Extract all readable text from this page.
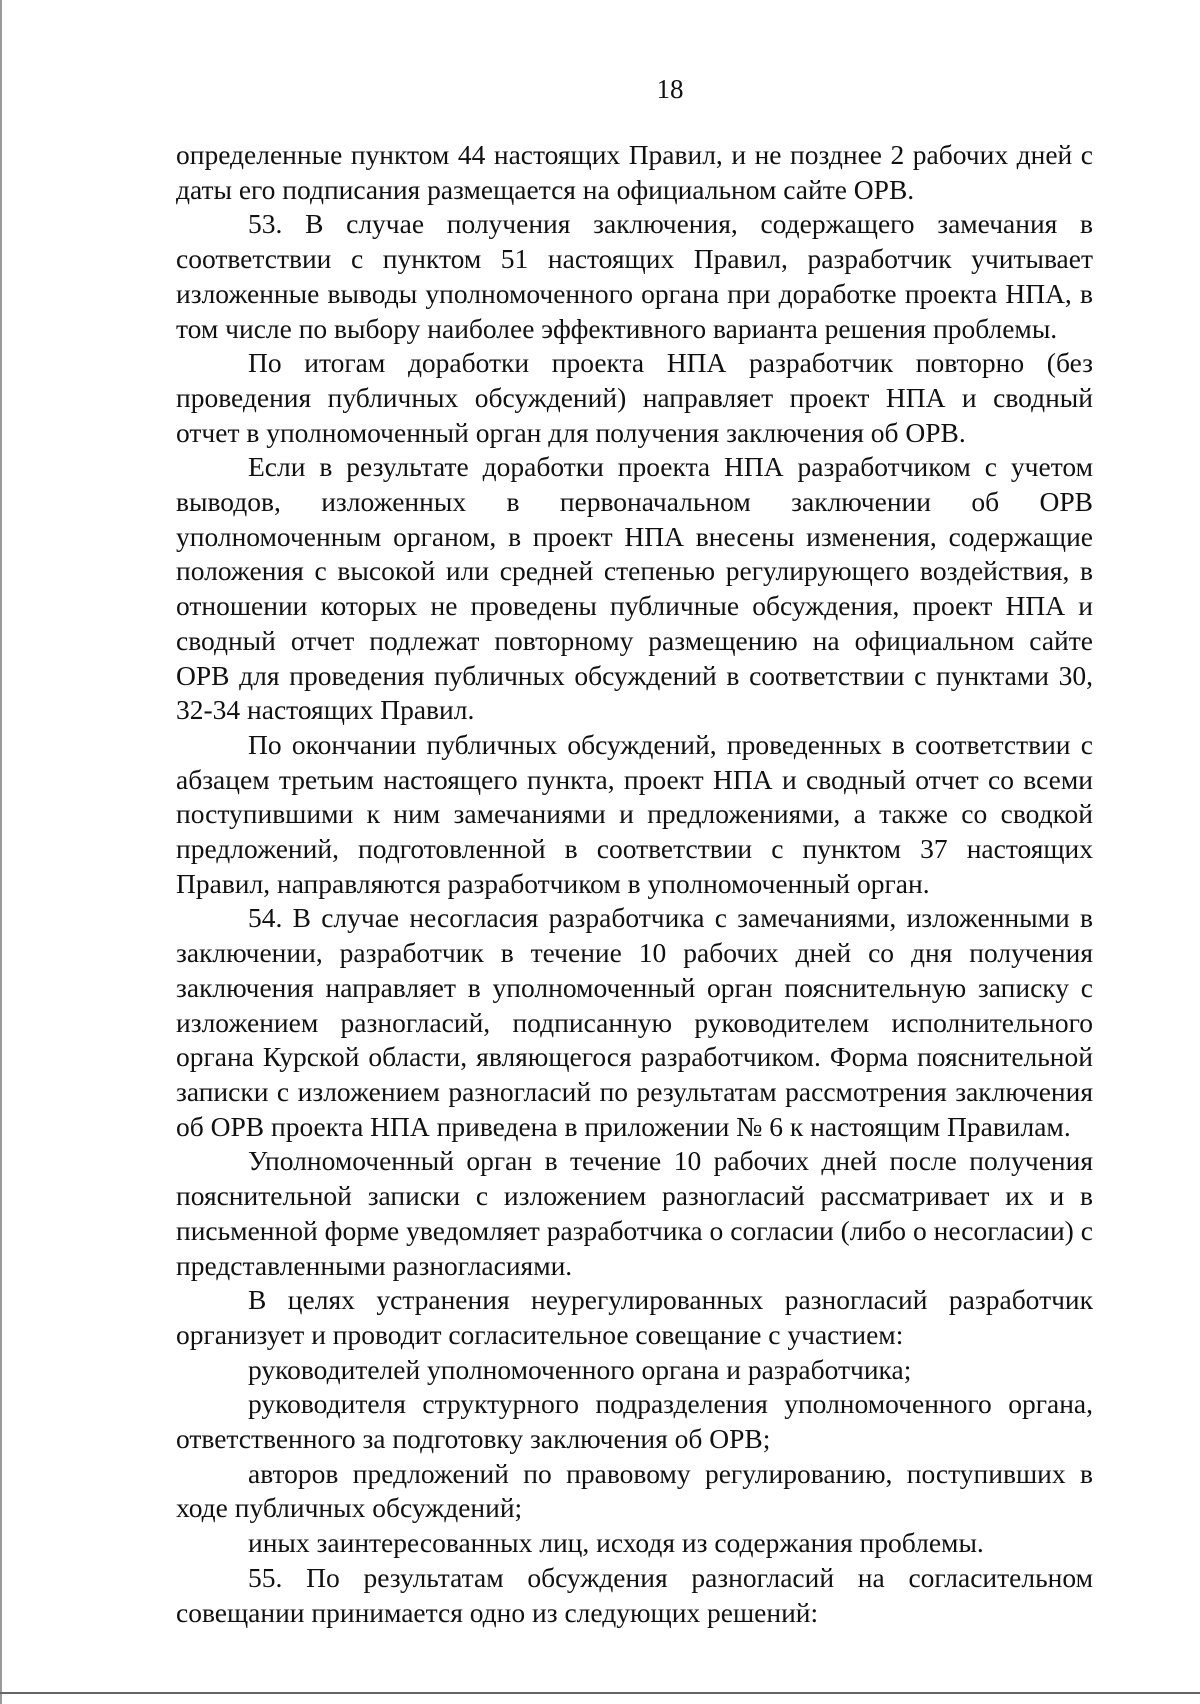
18

определенные пунктом 44 настоящих Правил, и не позднее 2 рабочих дней с даты его подписания размещается на официальном сайте ОРВ.

53. В случае получения заключения, содержащего замечания в соответствии с пунктом 51 настоящих Правил, разработчик учитывает изложенные выводы уполномоченного органа при доработке проекта НПА, в том числе по выбору наиболее эффективного варианта решения проблемы.

По итогам доработки проекта НПА разработчик повторно (без проведения публичных обсуждений) направляет проект НПА и сводный отчет в уполномоченный орган для получения заключения об ОРВ.

Если в результате доработки проекта НПА разработчиком с учетом выводов, изложенных в первоначальном заключении об ОРВ уполномоченным органом, в проект НПА внесены изменения, содержащие положения с высокой или средней степенью регулирующего воздействия, в отношении которых не проведены публичные обсуждения, проект НПА и сводный отчет подлежат повторному размещению на официальном сайте ОРВ для проведения публичных обсуждений в соответствии с пунктами 30, 32-34 настоящих Правил.

По окончании публичных обсуждений, проведенных в соответствии с абзацем третьим настоящего пункта, проект НПА и сводный отчет со всеми поступившими к ним замечаниями и предложениями, а также со сводкой предложений, подготовленной в соответствии с пунктом 37 настоящих Правил, направляются разработчиком в уполномоченный орган.

54. В случае несогласия разработчика с замечаниями, изложенными в заключении, разработчик в течение 10 рабочих дней со дня получения заключения направляет в уполномоченный орган пояснительную записку с изложением разногласий, подписанную руководителем исполнительного органа Курской области, являющегося разработчиком. Форма пояснительной записки с изложением разногласий по результатам рассмотрения заключения об ОРВ проекта НПА приведена в приложении № 6 к настоящим Правилам.

Уполномоченный орган в течение 10 рабочих дней после получения пояснительной записки с изложением разногласий рассматривает их и в письменной форме уведомляет разработчика о согласии (либо о несогласии) с представленными разногласиями.

В целях устранения неурегулированных разногласий разработчик организует и проводит согласительное совещание с участием:

руководителей уполномоченного органа и разработчика;

руководителя структурного подразделения уполномоченного органа, ответственного за подготовку заключения об ОРВ;

авторов предложений по правовому регулированию, поступивших в ходе публичных обсуждений;

иных заинтересованных лиц, исходя из содержания проблемы.

55. По результатам обсуждения разногласий на согласительном совещании принимается одно из следующих решений:
